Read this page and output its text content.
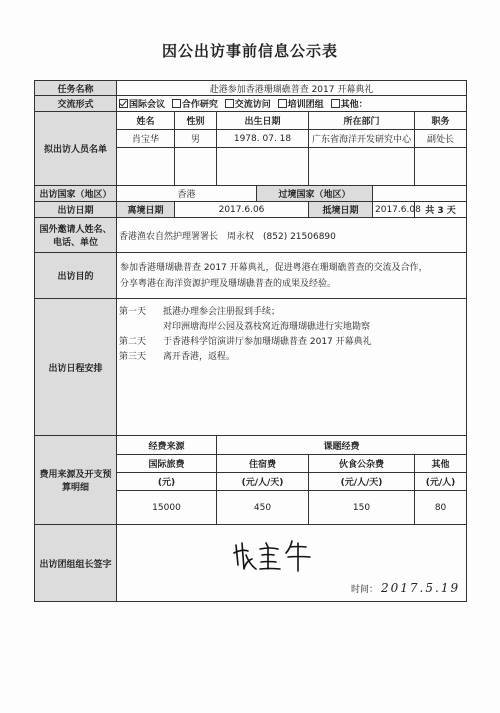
因公出访事前信息公示表
任务名称	赴港参加香港珊瑚礁普查 2017 开幕典礼						
交流形式	国际会议 合作研究 交流访问 培训团组 其他：						
拟出访人员名单	姓名	性别	出生日期		所在部门		职务
	肖宝华	男	1978. 07. 18		广东省海洋开发研究中心		副处长

出访国家（地区）	香港			过境国家（地区）			
出访日期	离境日期	2017.6.06			抵境日期	2017.6.08	共 3 天
国外邀请人姓名、电话、单位	香港渔农自然护理署署长　周永权　(852) 21506890						
出访目的	参加香港珊瑚礁普查 2017 开幕典礼，促进粤港在珊瑚礁普查的交流及合作，
分享粤港在海洋资源护理及珊瑚礁普查的成果及经验。						

出访日程安排	第一天 抵港办理参会注册报到手续；
对印洲塘海岸公园及荔枝窝近海珊瑚礁进行实地勘察
第二天 于香港科学馆演讲厅参加珊瑚礁普查 2017 开幕典礼
第三天 离开香港，返程。						

费用来源及开支预算明细	经费来源		课题经费				
	国际旅费		住宿费		伙食公杂费		其他
	(元)		(元/人/天)		(元/人/天)		(元/人)
	15000		450		150		80
出访团组组长签字	时间： 2017.5.19						
